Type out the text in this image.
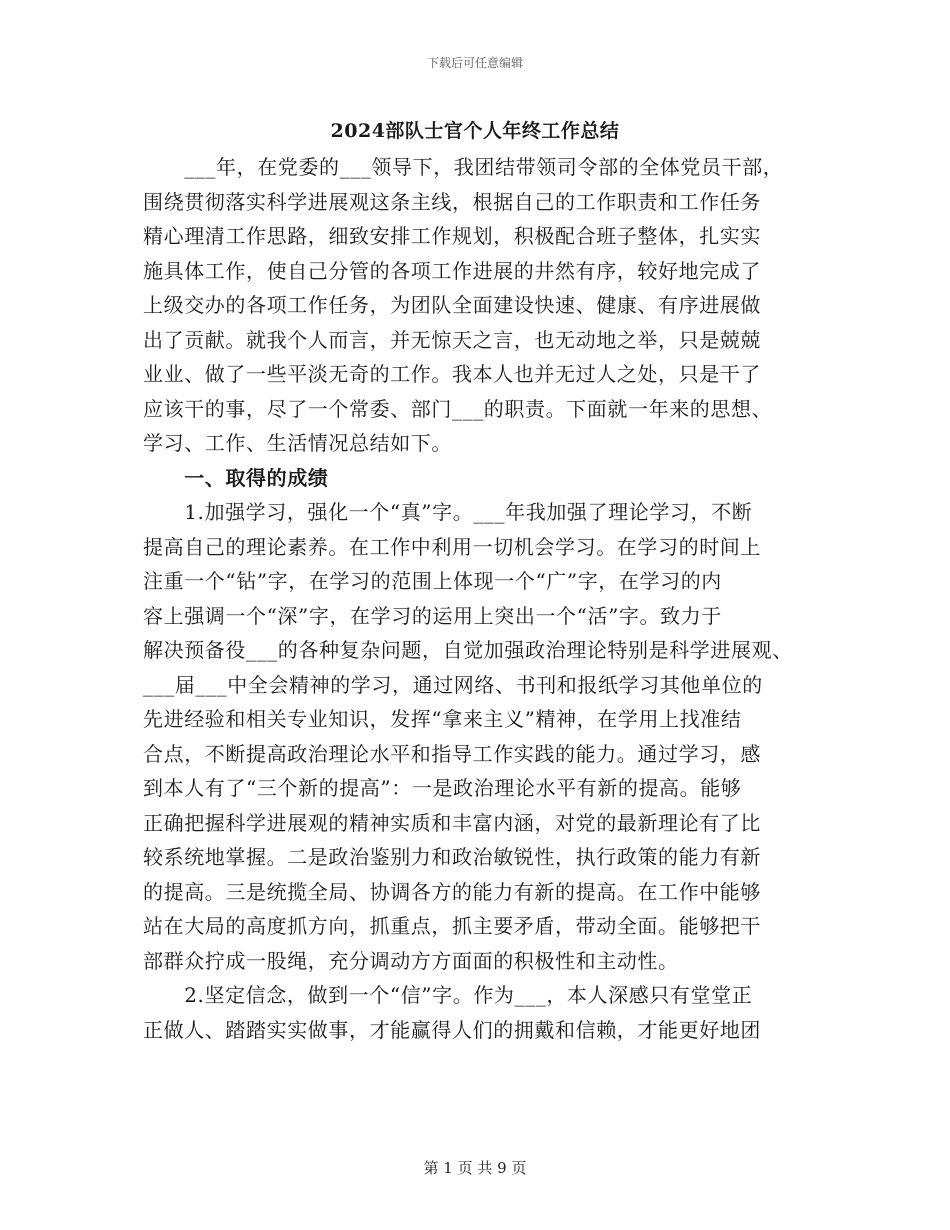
下载后可任意编辑
2024部队士官个人年终工作总结
　　___年，在党委的___领导下，我团结带领司令部的全体党员干部，
围绕贯彻落实科学进展观这条主线，根据自己的工作职责和工作任务
精心理清工作思路，细致安排工作规划，积极配合班子整体，扎实实
施具体工作，使自己分管的各项工作进展的井然有序，较好地完成了
上级交办的各项工作任务，为团队全面建设快速、健康、有序进展做
出了贡献。就我个人而言，并无惊天之言，也无动地之举，只是兢兢
业业、做了一些平淡无奇的工作。我本人也并无过人之处，只是干了
应该干的事，尽了一个常委、部门___的职责。下面就一年来的思想、
学习、工作、生活情况总结如下。
　　一、取得的成绩
　　1.加强学习，强化一个“真”字。___年我加强了理论学习，不断
提高自己的理论素养。在工作中利用一切机会学习。在学习的时间上
注重一个“钻”字，在学习的范围上体现一个“广”字，在学习的内
容上强调一个“深”字，在学习的运用上突出一个“活”字。致力于
解决预备役___的各种复杂问题，自觉加强政治理论特别是科学进展观、
___届___中全会精神的学习，通过网络、书刊和报纸学习其他单位的
先进经验和相关专业知识，发挥“拿来主义”精神，在学用上找准结
合点，不断提高政治理论水平和指导工作实践的能力。通过学习，感
到本人有了“三个新的提高”：一是政治理论水平有新的提高。能够
正确把握科学进展观的精神实质和丰富内涵，对党的最新理论有了比
较系统地掌握。二是政治鉴别力和政治敏锐性，执行政策的能力有新
的提高。三是统揽全局、协调各方的能力有新的提高。在工作中能够
站在大局的高度抓方向，抓重点，抓主要矛盾，带动全面。能够把干
部群众拧成一股绳，充分调动方方面面的积极性和主动性。
　　2.坚定信念，做到一个“信”字。作为___，本人深感只有堂堂正
正做人、踏踏实实做事，才能赢得人们的拥戴和信赖，才能更好地团
第 1 页 共 9 页
